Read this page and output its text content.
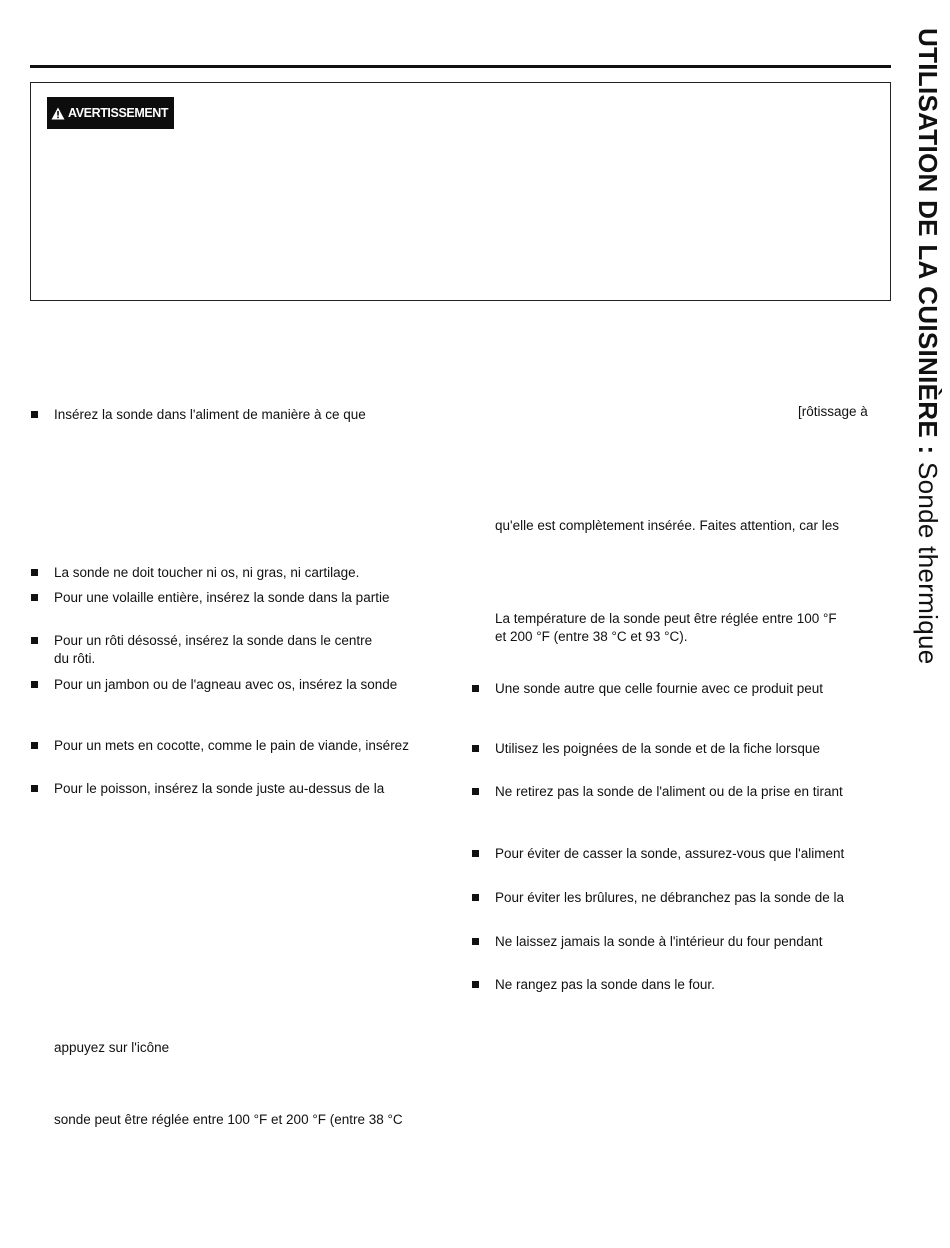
AVERTISSEMENT	UTILISATION DE LA CUISINIÈRE : Sonde thermique
Insérez la sonde dans l'aliment de manière à ce que
La sonde ne doit toucher ni os, ni gras, ni cartilage.
Pour une volaille entière, insérez la sonde dans la partie
Pour un rôti désossé, insérez la sonde dans le centre
du rôti.
Pour un jambon ou de l'agneau avec os, insérez la sonde
Pour un mets en cocotte, comme le pain de viande, insérez
Pour le poisson, insérez la sonde juste au-dessus de la
appuyez sur l'icône
sonde peut être réglée entre 100 °F et 200 °F (entre 38 °C
[rôtissage à
qu'elle est complètement insérée. Faites attention, car les
La température de la sonde peut être réglée entre 100 °F
et 200 °F (entre 38 °C et 93 °C).
Une sonde autre que celle fournie avec ce produit peut
Utilisez les poignées de la sonde et de la fiche lorsque
Ne retirez pas la sonde de l'aliment ou de la prise en tirant
Pour éviter de casser la sonde, assurez-vous que l'aliment
Pour éviter les brûlures, ne débranchez pas la sonde de la
Ne laissez jamais la sonde à l'intérieur du four pendant
Ne rangez pas la sonde dans le four.
